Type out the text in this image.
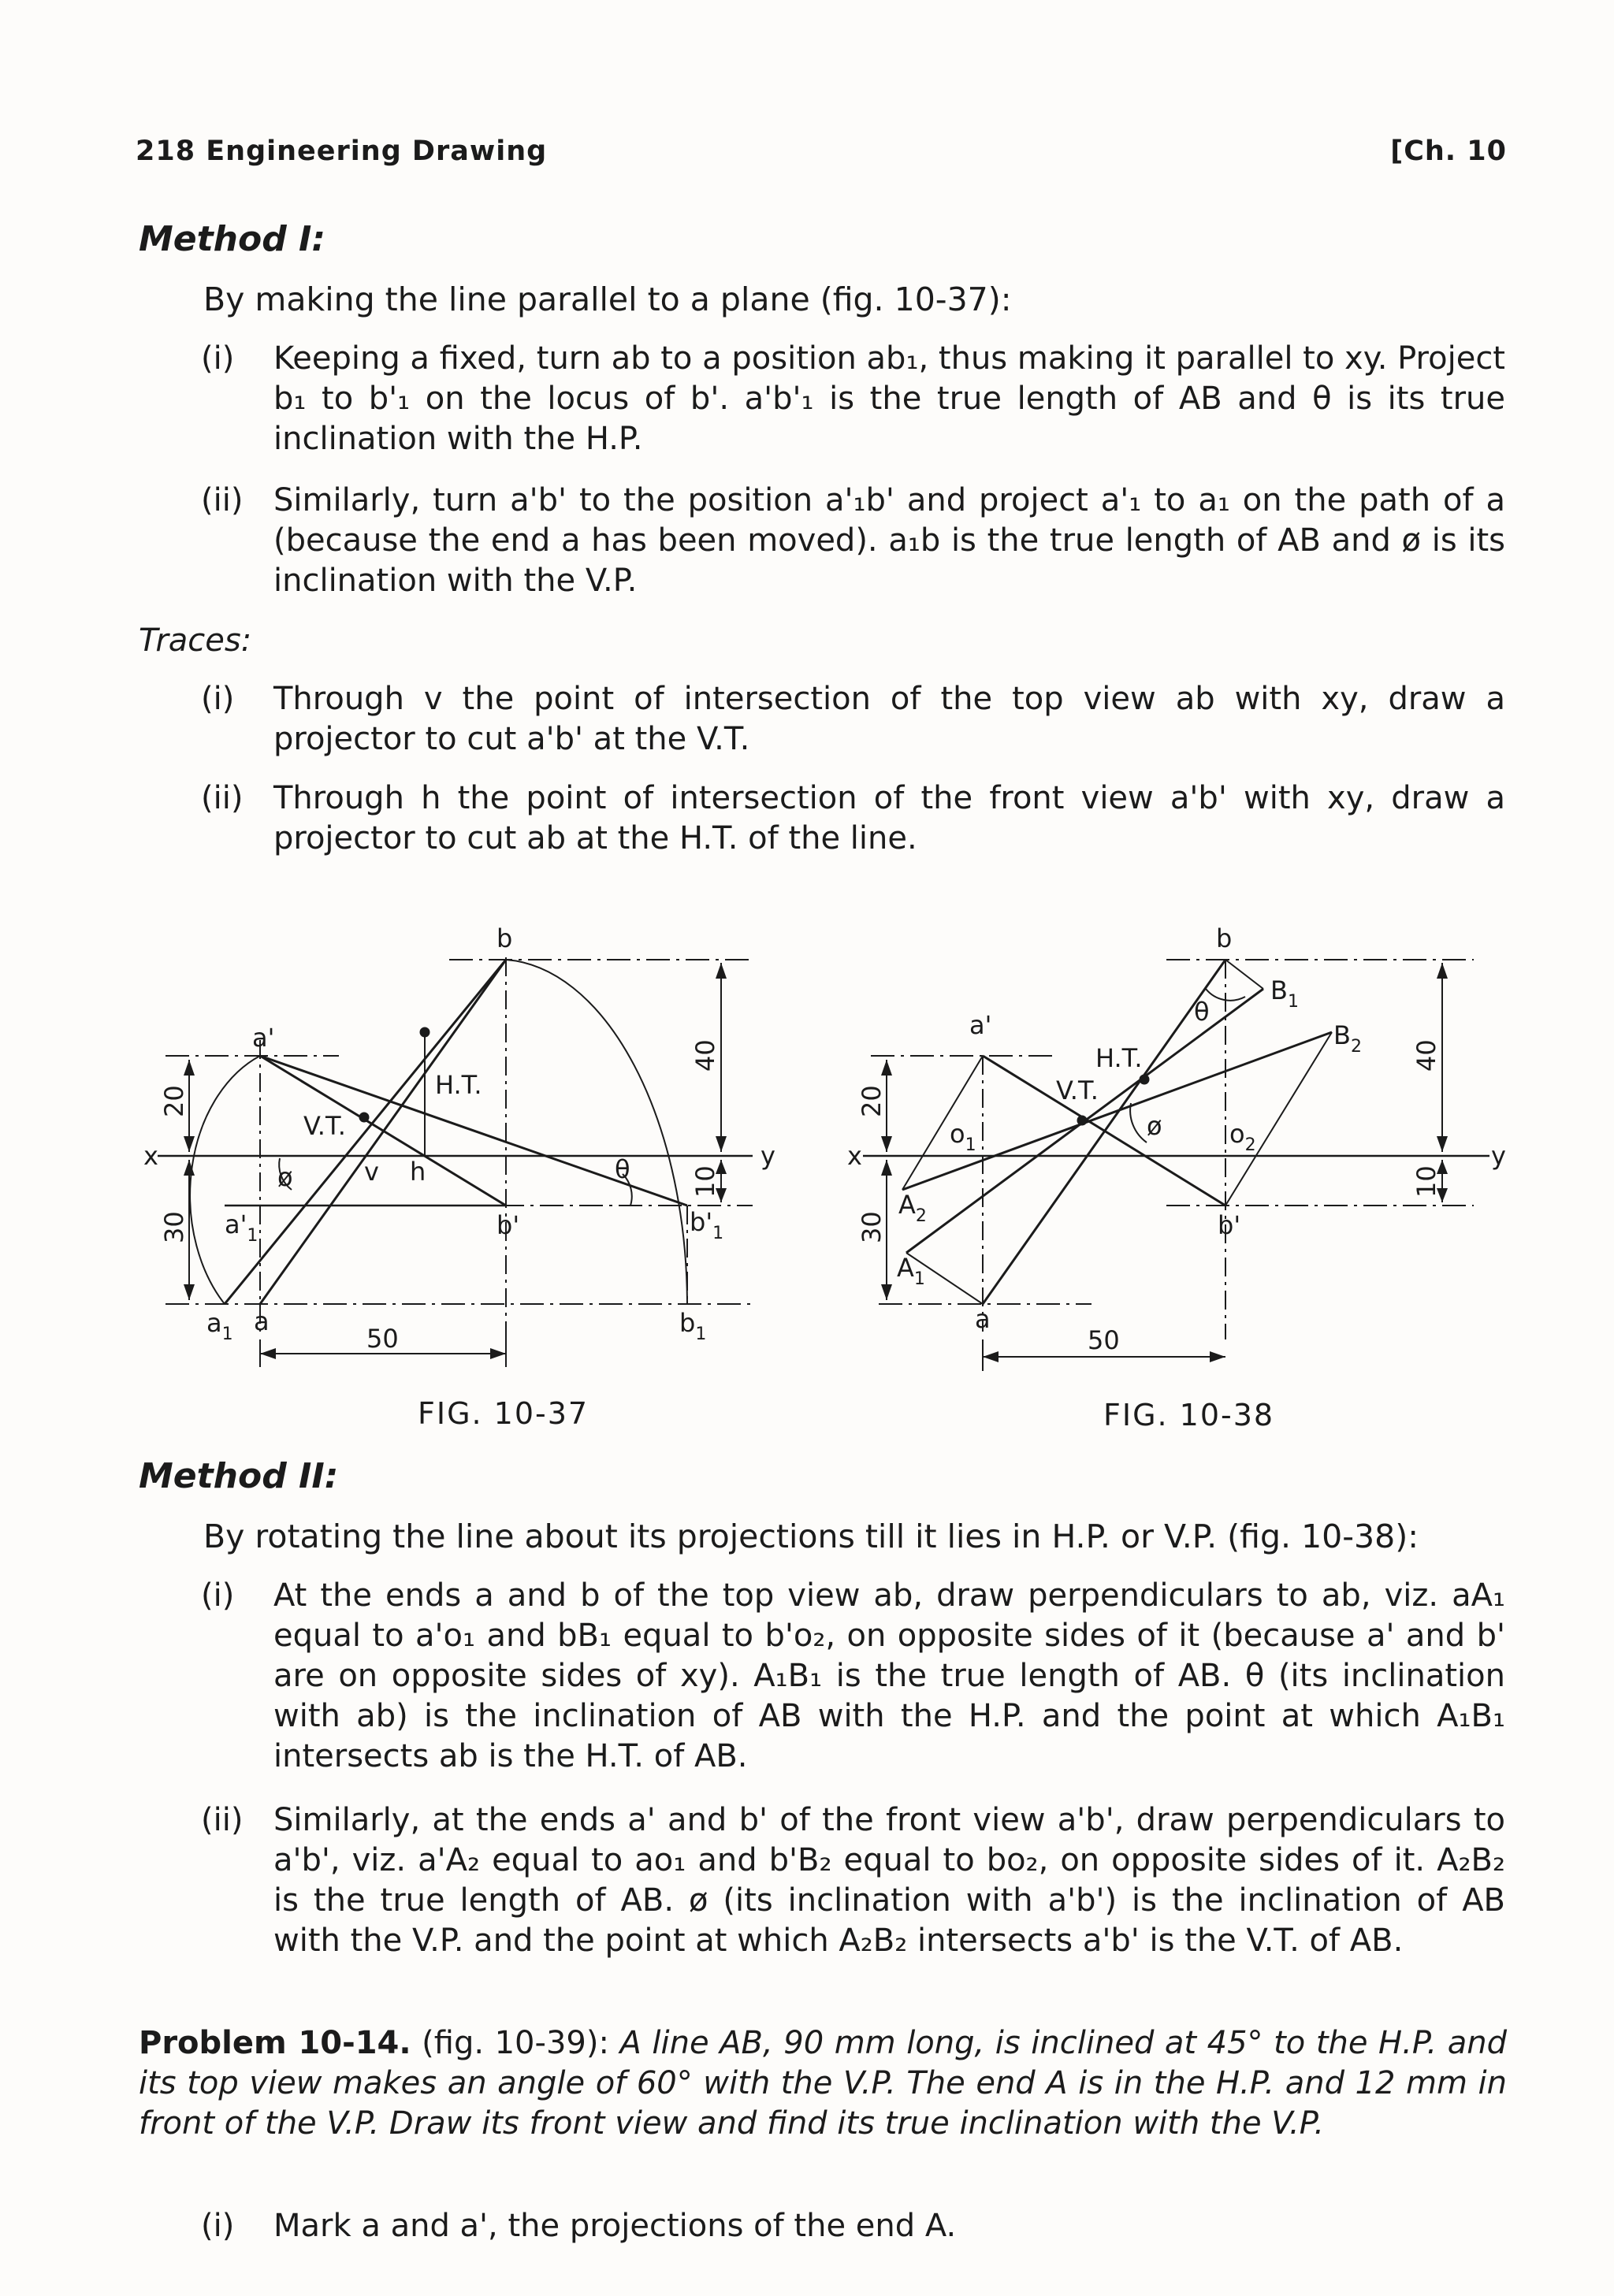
218 Engineering Drawing	[Ch. 10
Method I:
By making the line parallel to a plane (fig. 10-37):
(i)	Keeping a fixed, turn ab to a position ab₁, thus making it parallel to xy. Project b₁ to b'₁ on the locus of b'. a'b'₁ is the true length of AB and θ is its true inclination with the H.P.
(ii) Similarly, turn a'b' to the position a'₁b' and project a'₁ to a₁ on the path of a (because the end a has been moved). a₁b is the true length of AB and ø is its inclination with the V.P.
Traces:
(i)	Through v the point of intersection of the top view ab with xy, draw a projector to cut a'b' at the V.T.
(ii) Through h the point of intersection of the front view a'b' with xy, draw a projector to cut ab at the H.T. of the line.
b
a'
H.T.
V.T.
x	y
ø	v h	θ
b'	$b'_1$
$a'_1$
$a_1$ a	$b_1$
50
20
30
40
10
b
$B_1$
a'
H.T.
$B_2$
V.T.
θ
ø
$o_1$	$o_2$
x	y
$A_2$
$A_1$
b'
a
50
20
30
40
10
FIG. 10-37	FIG. 10-38
Method II:
By rotating the line about its projections till it lies in H.P. or V.P. (fig. 10-38):
(i)	At the ends a and b of the top view ab, draw perpendiculars to ab, viz. aA₁ equal to a'o₁ and bB₁ equal to b'o₂, on opposite sides of it (because a' and b' are on opposite sides of xy). A₁B₁ is the true length of AB. θ (its inclination with ab) is the inclination of AB with the H.P. and the point at which A₁B₁ intersects ab is the H.T. of AB.
(ii) Similarly, at the ends a' and b' of the front view a'b', draw perpendiculars to a'b', viz. a'A₂ equal to ao₁ and b'B₂ equal to bo₂, on opposite sides of it. A₂B₂ is the true length of AB. ø (its inclination with a'b') is the inclination of AB with the V.P. and the point at which A₂B₂ intersects a'b' is the V.T. of AB.
Problem 10-14. (fig. 10-39): A line AB, 90 mm long, is inclined at 45° to the H.P. and its top view makes an angle of 60° with the V.P. The end A is in the H.P. and 12 mm in front of the V.P. Draw its front view and find its true inclination with the V.P.
(i)	Mark a and a', the projections of the end A.
